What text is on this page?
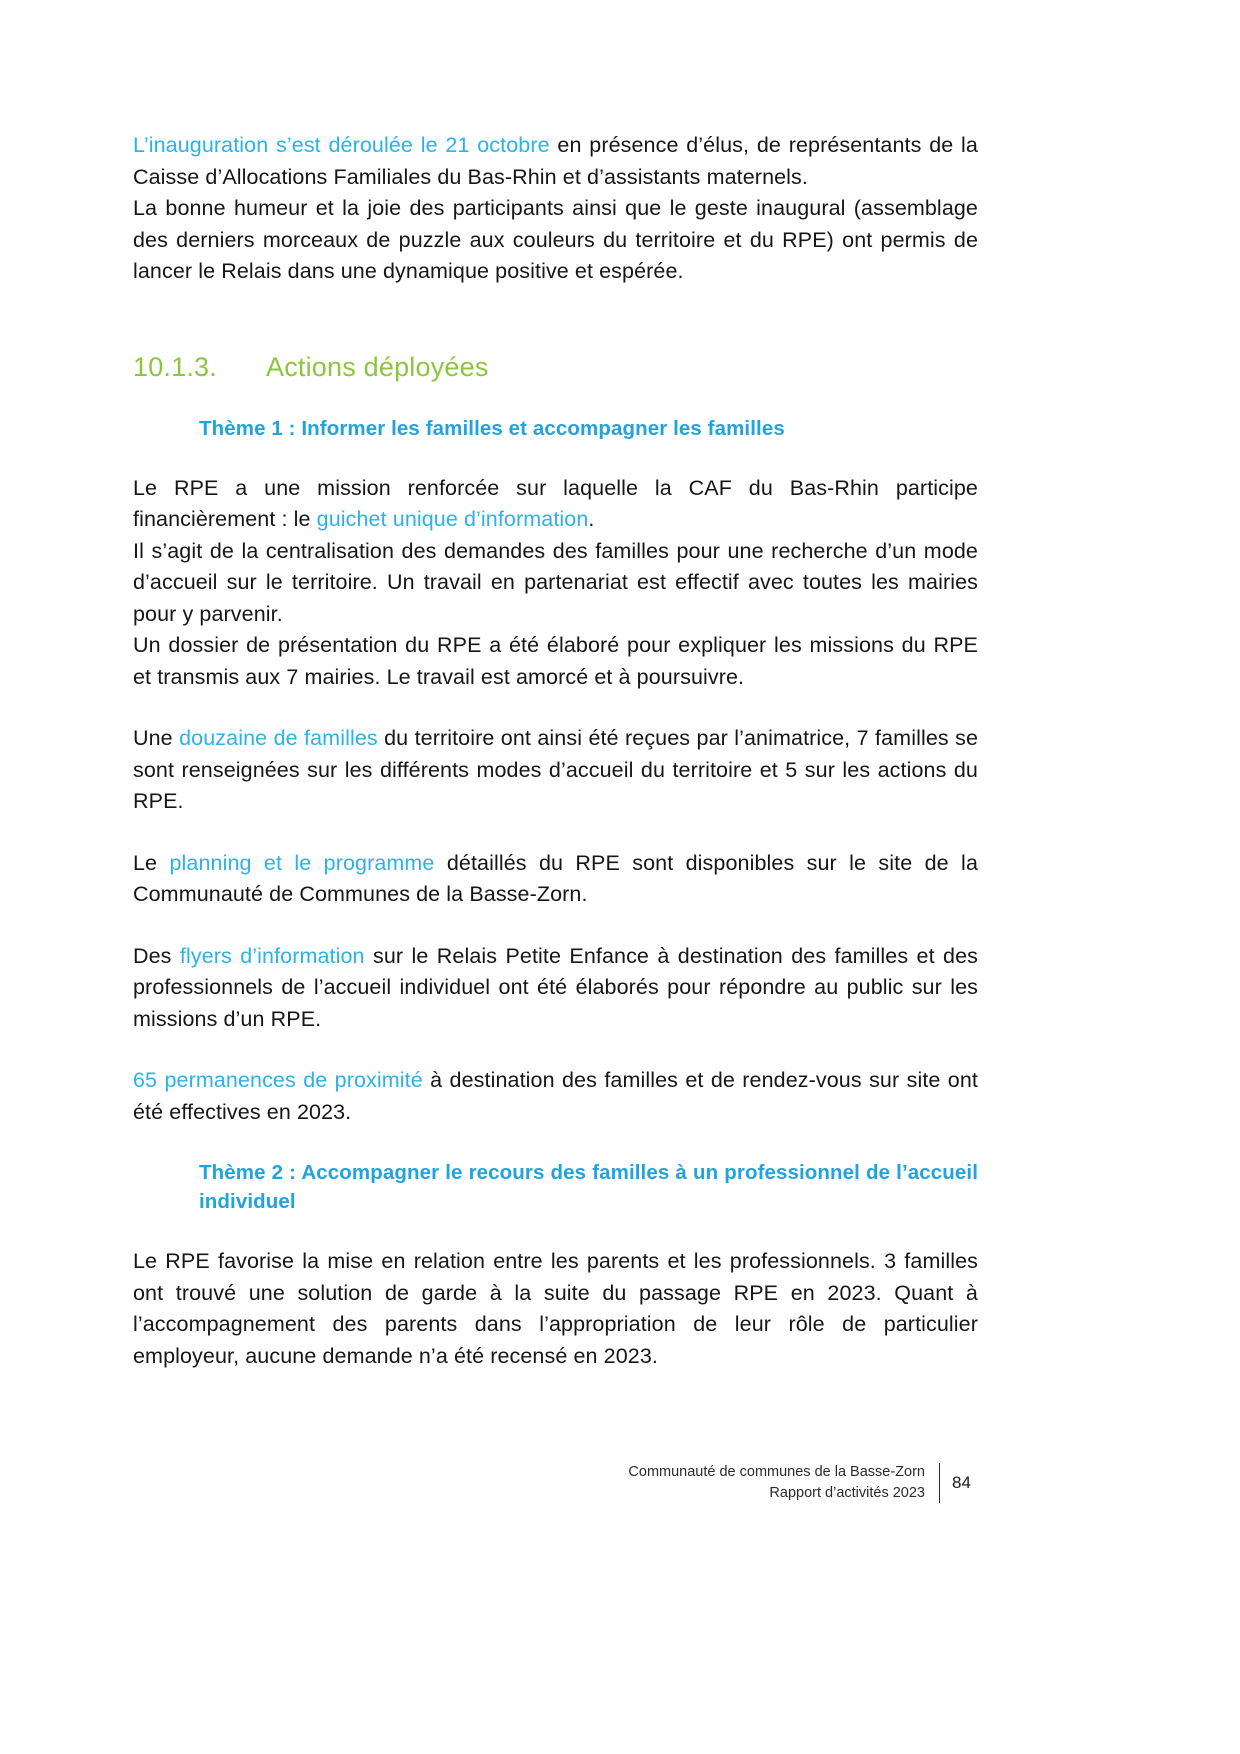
L’inauguration s’est déroulée le 21 octobre en présence d’élus, de représentants de la Caisse d’Allocations Familiales du Bas-Rhin et d’assistants maternels.

La bonne humeur et la joie des participants ainsi que le geste inaugural (assemblage des derniers morceaux de puzzle aux couleurs du territoire et du RPE) ont permis de lancer le Relais dans une dynamique positive et espérée.

10.1.3.	Actions déployées
Thème 1 : Informer les familles et accompagner les familles

Le RPE a une mission renforcée sur laquelle la CAF du Bas-Rhin participe financièrement : le guichet unique d’information.

Il s’agit de la centralisation des demandes des familles pour une recherche d’un mode d’accueil sur le territoire. Un travail en partenariat est effectif avec toutes les mairies pour y parvenir.

Un dossier de présentation du RPE a été élaboré pour expliquer les missions du RPE et transmis aux 7 mairies. Le travail est amorcé et à poursuivre.

Une douzaine de familles du territoire ont ainsi été reçues par l’animatrice, 7 familles se sont renseignées sur les différents modes d’accueil du territoire et 5 sur les actions du RPE.

Le planning et le programme détaillés du RPE sont disponibles sur le site de la Communauté de Communes de la Basse-Zorn.

Des flyers d’information sur le Relais Petite Enfance à destination des familles et des professionnels de l’accueil individuel ont été élaborés pour répondre au public sur les missions d’un RPE.

65 permanences de proximité à destination des familles et de rendez-vous sur site ont été effectives en 2023.

Thème 2 : Accompagner le recours des familles à un professionnel de l’accueil individuel

Le RPE favorise la mise en relation entre les parents et les professionnels. 3 familles ont trouvé une solution de garde à la suite du passage RPE en 2023. Quant à l’accompagnement des parents dans l’appropriation de leur rôle de particulier employeur, aucune demande n’a été recensé en 2023.

Communauté de communes de la Basse-Zorn
Rapport d’activités 2023
84
